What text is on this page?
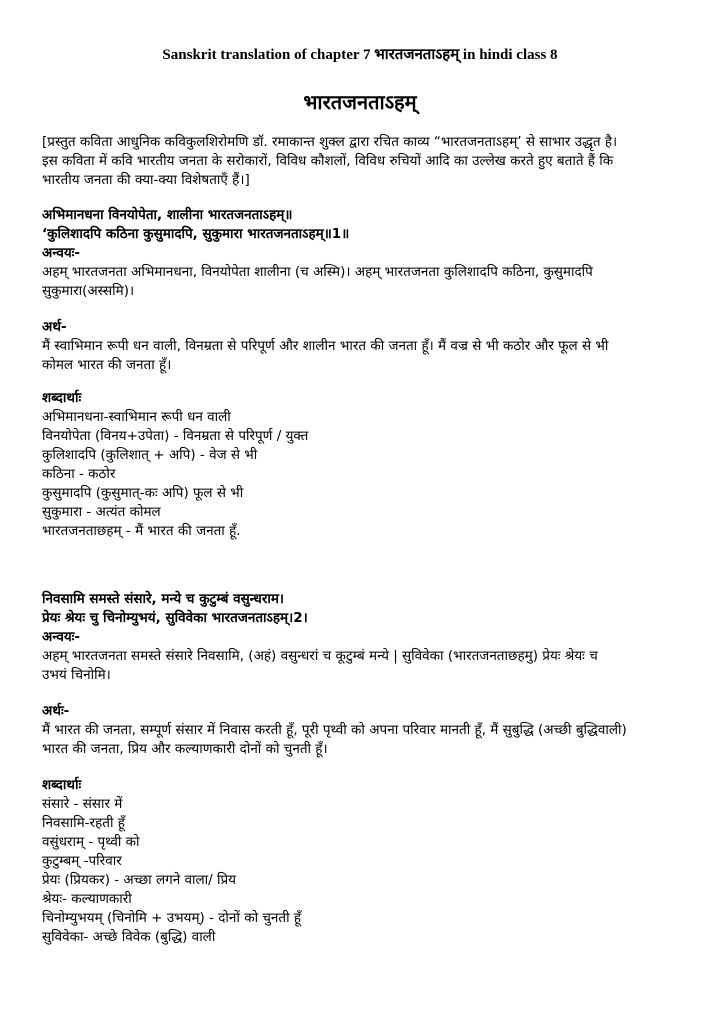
Sanskrit translation of chapter 7 भारतजनताऽहम् in hindi class 8
भारतजनताऽहम्

[प्रस्तुत कविता आधुनिक कविकुलशिरोमणि डॉ. रमाकान्त शुक्ल द्वारा रचित काव्य “भारतजनताऽहम्’ से साभार उद्धृत है।

इस कविता में कवि भारतीय जनता के सरोकारों, विविध कौशलों, विविध रुचियों आदि का उल्लेख करते हुए बताते हैं कि

भारतीय जनता की क्या-क्या विशेषताएँ हैं।]

अभिमानधना विनयोपेता, शालीना भारतजनताऽहम्॥

‘कुलिशादपि कठिना कुसुमादपि, सुकुमारा भारतजनताऽहम्॥1॥

अन्वयः-

अहम् भारतजनता अभिमानधना, विनयोपेता शालीना (च अस्मि)। अहम् भारतजनता कुलिशादपि कठिना, कुसुमादपि

सुकुमारा(अस्समि)।

अर्थ-

मैं स्वाभिमान रूपी धन वाली, विनम्रता से परिपूर्ण और शालीन भारत की जनता हूँ। मैं वज्र से भी कठोर और फूल से भी

कोमल भारत की जनता हूँ।

शब्दार्थाः

अभिमानधना-स्वाभिमान रूपी धन वाली

विनयोपेता (विनय+उपेता) - विनम्रता से परिपूर्ण / युक्त

कुलिशादपि (कुलिशात् + अपि) - वेज से भी

कठिना - कठोर

कुसुमादपि (कुसुमात्-कः अपि) फूल से भी

सुकुमारा - अत्यंत कोमल

भारतजनताछहम् - मैं भारत की जनता हूँ.

निवसामि समस्ते संसारे, मन्ये च कुटुम्बं वसुन्धराम।

प्रेयः श्रेयः चु चिनोम्युभयं, सुविवेका भारतजनताऽहम्।2।

अन्वयः-

अहम् भारतजनता समस्ते संसारे निवसामि, (अहं) वसुन्धरां च कूटुम्बं मन्ये | सुविवेका (भारतजनताछहमु) प्रेयः श्रेयः च

उभयं चिनोमि।

अर्थः-

मैं भारत की जनता, सम्पूर्ण संसार में निवास करती हूँ, पूरी पृथ्वी को अपना परिवार मानती हूँ, मैं सुबुद्धि (अच्छी बुद्धिवाली)

भारत की जनता, प्रिय और कल्याणकारी दोनों को चुनती हूँ।

शब्दार्थाः

संसारे - संसार में

निवसामि-रहती हूँ

वसुंधराम् - पृथ्वी को

कुटुम्बम् -परिवार

प्रेयः (प्रियकर) - अच्छा लगने वाला/ प्रिय

श्रेयः- कल्याणकारी

चिनोम्युभयम् (चिनोमि + उभयम्) - दोनों को चुनती हूँ

सुविवेका- अच्छे विवेक (बुद्धि) वाली
